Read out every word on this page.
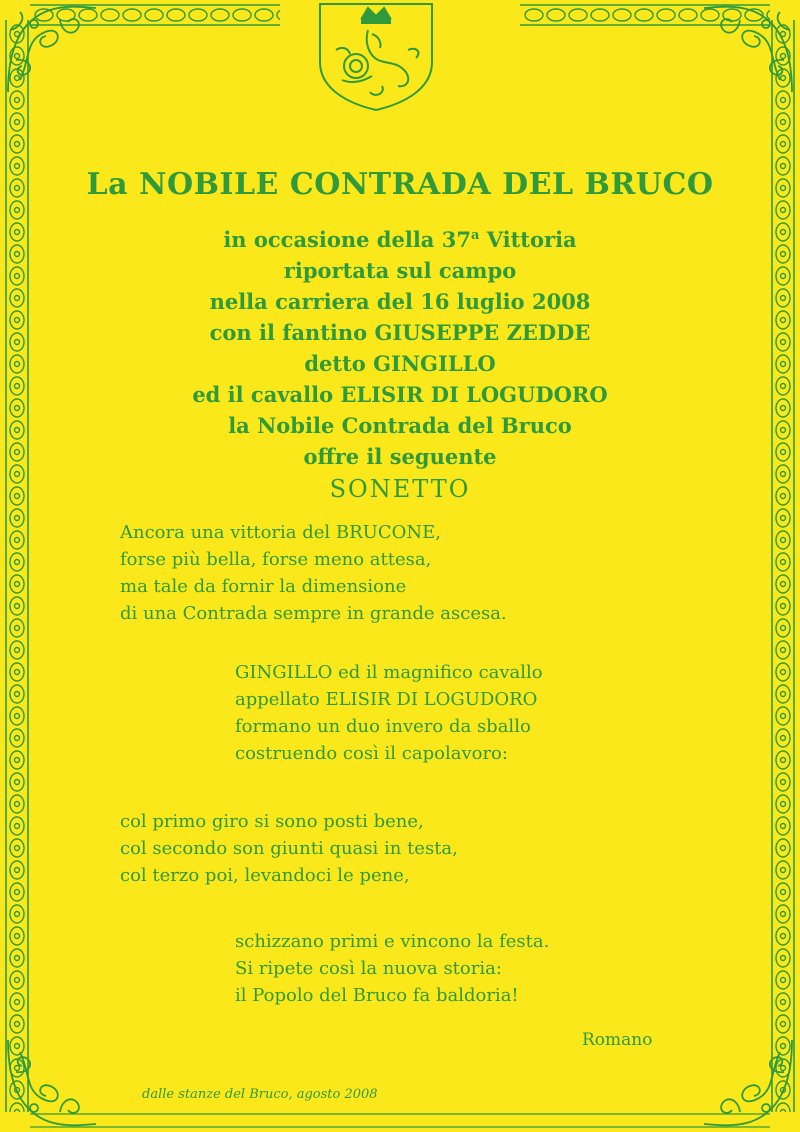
La NOBILE CONTRADA DEL BRUCO

in occasione della 37$^a$ Vittoria

riportata sul campo

nella carriera del 16 luglio 2008

con il fantino GIUSEPPE ZEDDE

detto GINGILLO

ed il cavallo ELISIR DI LOGUDORO

la Nobile Contrada del Bruco

offre il seguente

SONETTO

Ancora una vittoria del BRUCONE,

forse più bella, forse meno attesa,

ma tale da fornir la dimensione

di una Contrada sempre in grande ascesa.

GINGILLO ed il magnifico cavallo

appellato ELISIR DI LOGUDORO

formano un duo invero da sballo

costruendo così il capolavoro:

col primo giro si sono posti bene,

col secondo son giunti quasi in testa,

col terzo poi, levandoci le pene,

schizzano primi e vincono la festa.

Si ripete così la nuova storia:

il Popolo del Bruco fa baldoria!

Romano
dalle stanze del Bruco, agosto 2008
